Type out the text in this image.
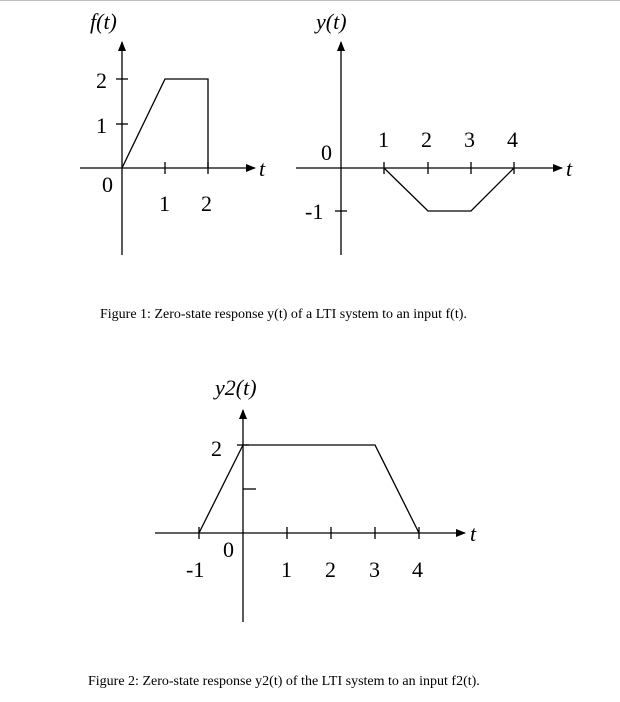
f(t)
2
1
0
1 2
t
y(t)
0
-1
1 2 3 4
t
Figure 1: Zero-state response y(t) of a LTI system to an input f(t).
y2(t)
2
0
-1	1 2 3 4
t
Figure 2: Zero-state response y2(t) of the LTI system to an input f2(t).
